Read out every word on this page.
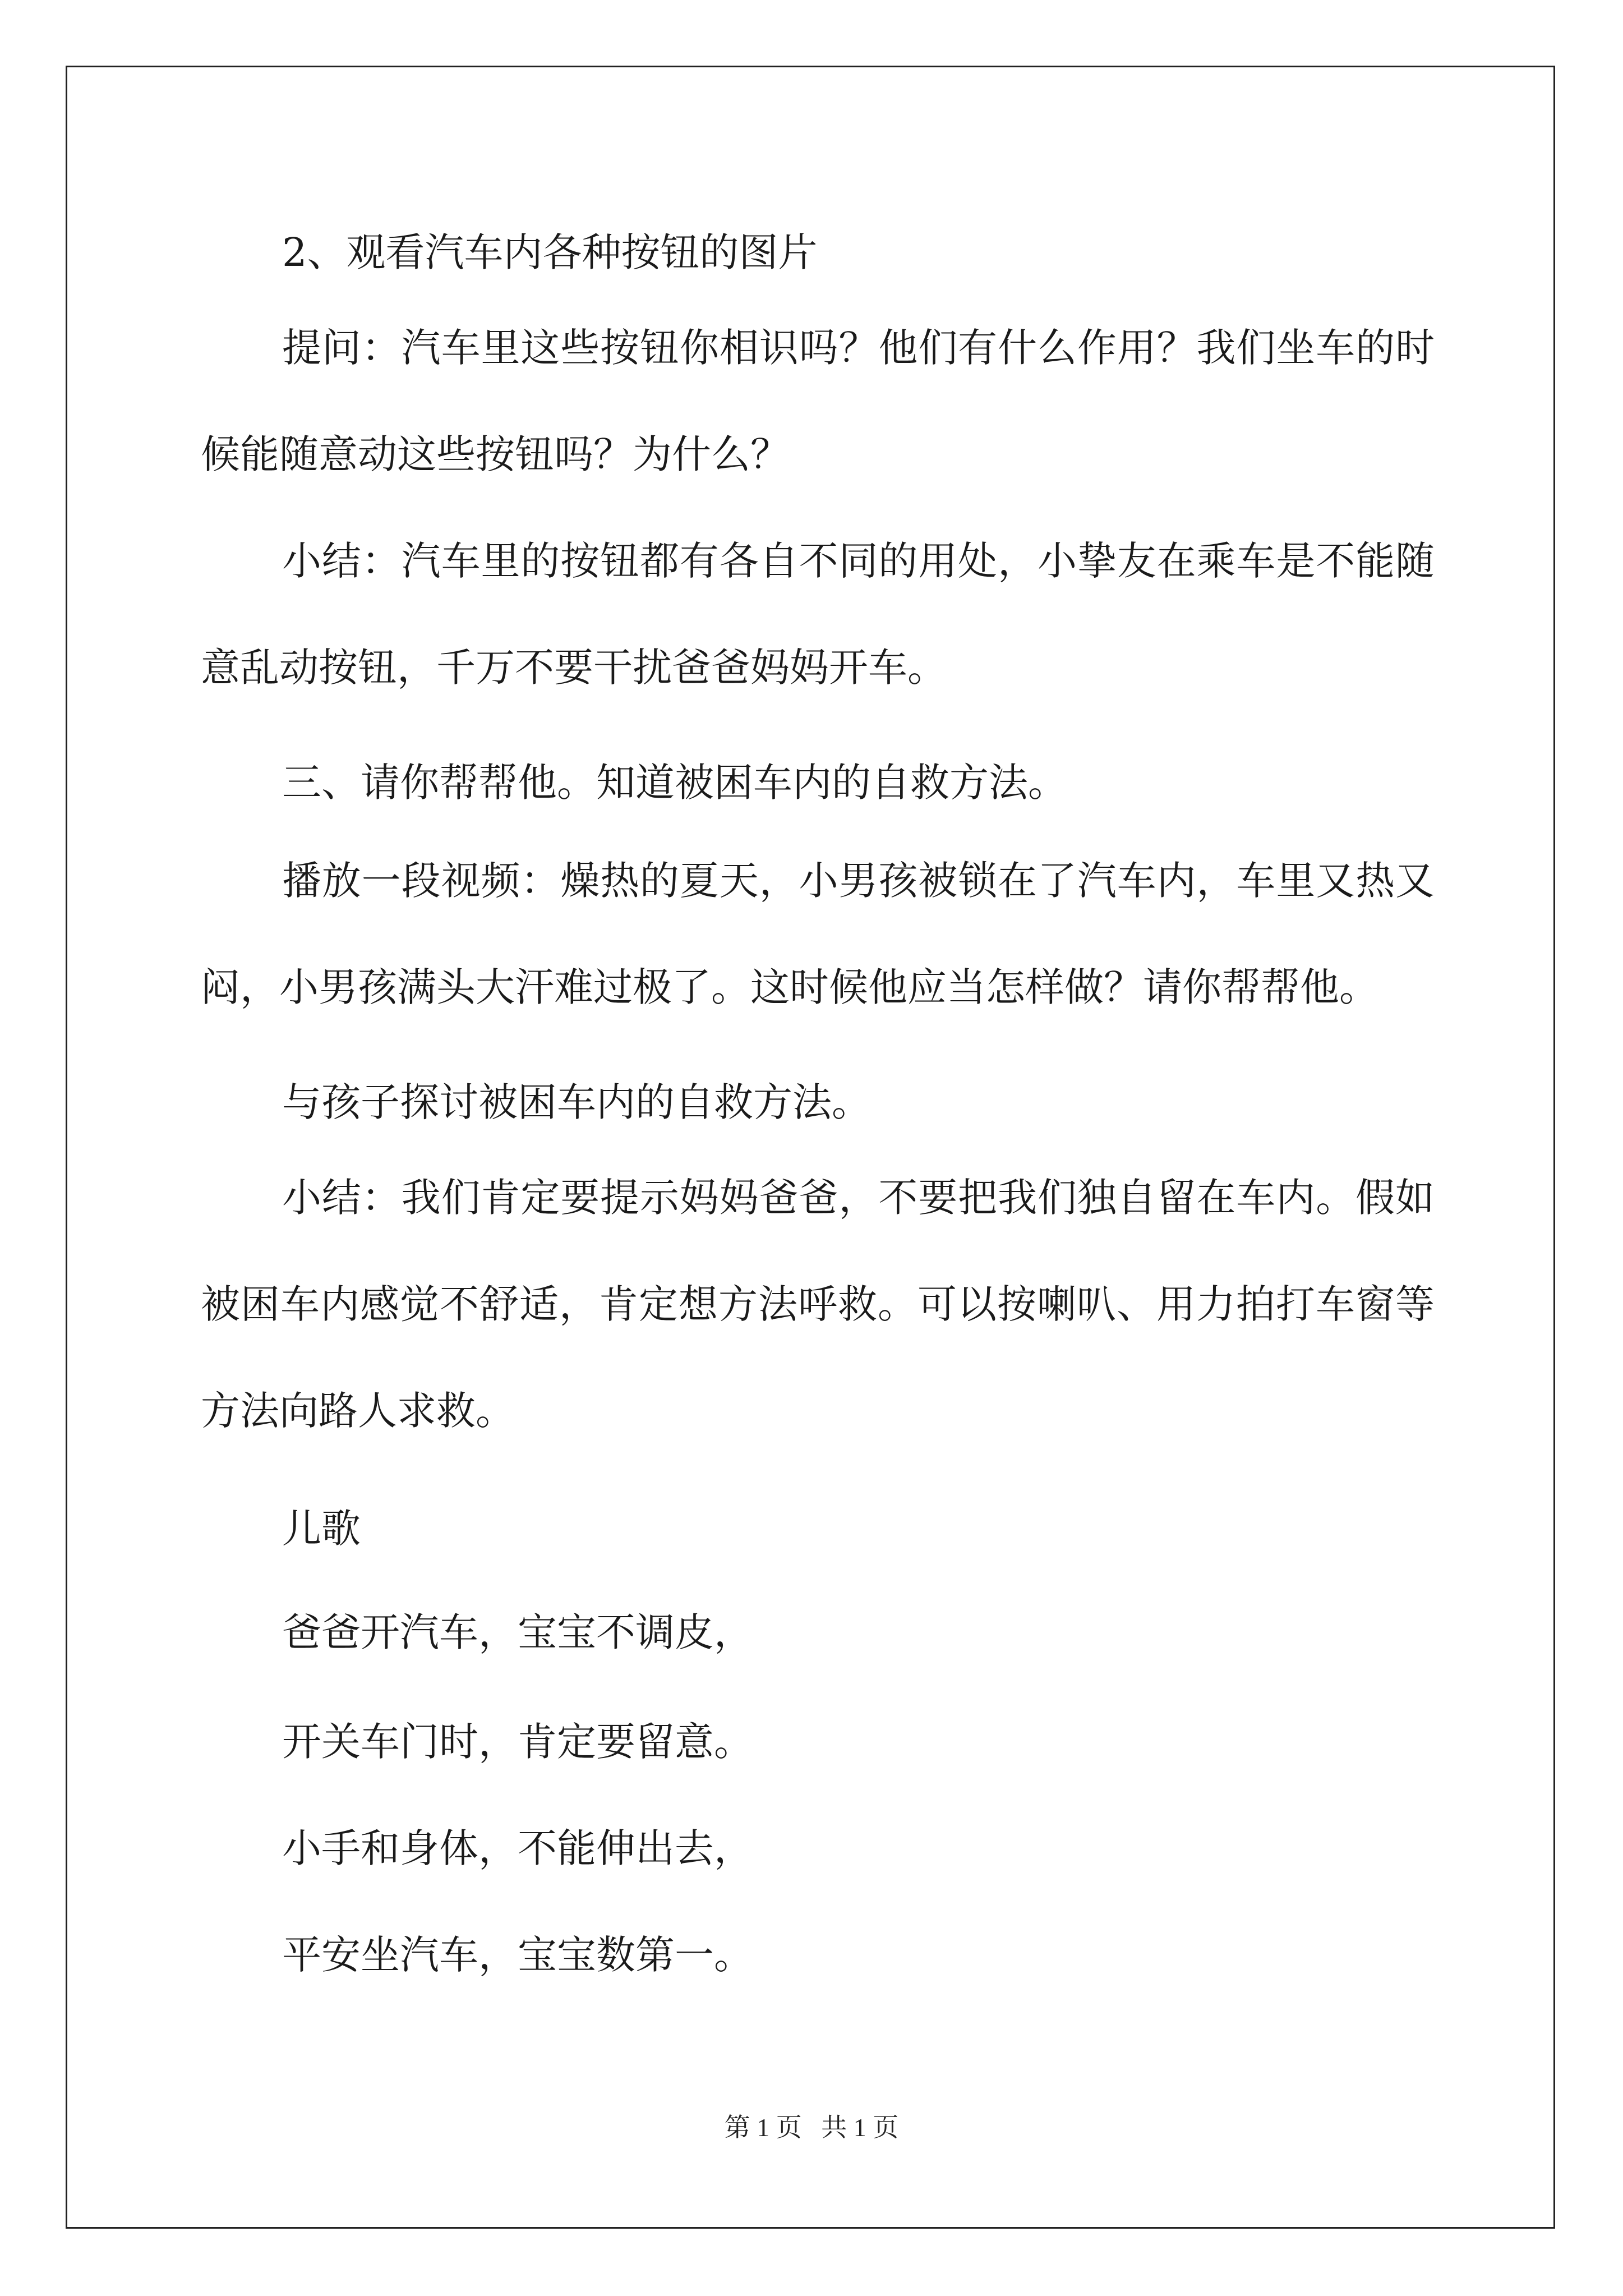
2、观看汽车内各种按钮的图片

提问：汽车里这些按钮你相识吗？他们有什么作用？我们坐车的时候能随意动这些按钮吗？为什么？

小结：汽车里的按钮都有各自不同的用处，小挚友在乘车是不能随意乱动按钮，千万不要干扰爸爸妈妈开车。

三、请你帮帮他。知道被困车内的自救方法。

播放一段视频：燥热的夏天，小男孩被锁在了汽车内，车里又热又闷，小男孩满头大汗难过极了。这时候他应当怎样做？请你帮帮他。

与孩子探讨被困车内的自救方法。

小结：我们肯定要提示妈妈爸爸，不要把我们独自留在车内。假如被困车内感觉不舒适，肯定想方法呼救。可以按喇叭、用力拍打车窗等方法向路人求救。

儿歌

爸爸开汽车，宝宝不调皮，

开关车门时，肯定要留意。

小手和身体，不能伸出去，

平安坐汽车，宝宝数第一。

第 1 页 共 1 页
